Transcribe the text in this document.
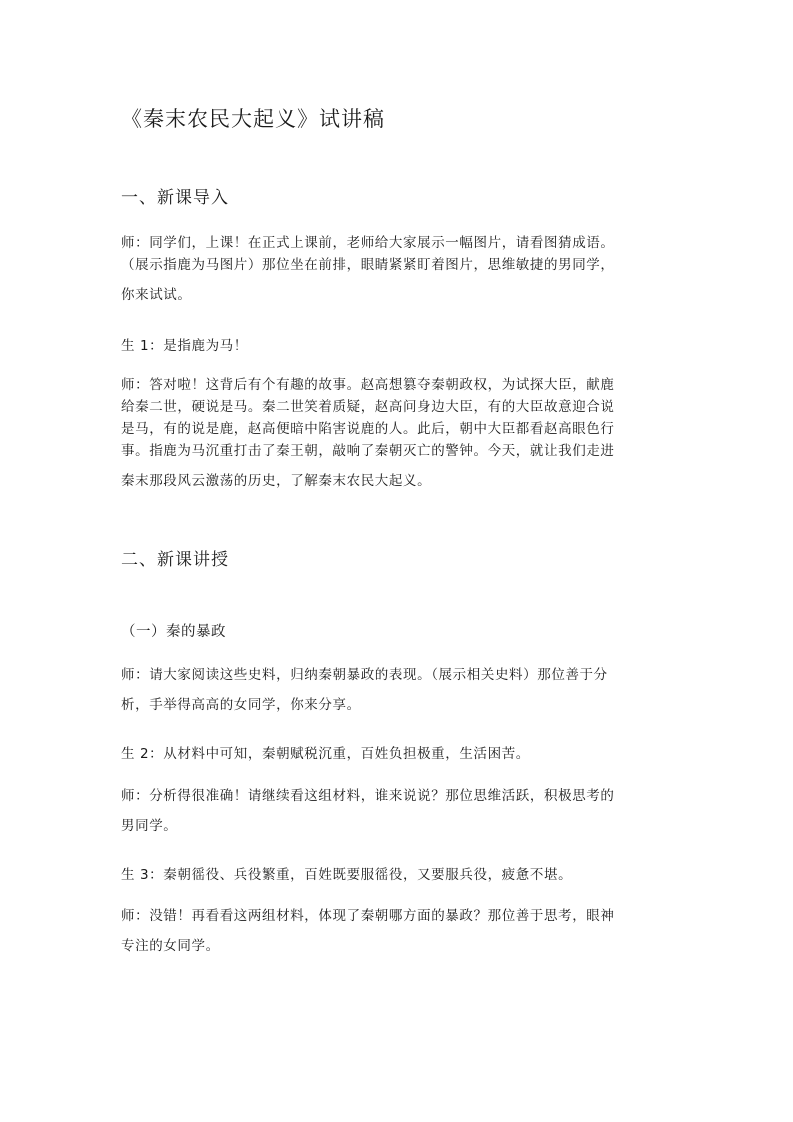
《秦末农民大起义》试讲稿
一、新课导入
师：同学们，上课！在正式上课前，老师给大家展示一幅图片，请看图猜成语。
（展示指鹿为马图片）那位坐在前排，眼睛紧紧盯着图片，思维敏捷的男同学，
你来试试。
生 1：是指鹿为马！
师：答对啦！这背后有个有趣的故事。赵高想篡夺秦朝政权，为试探大臣，献鹿
给秦二世，硬说是马。秦二世笑着质疑，赵高问身边大臣，有的大臣故意迎合说
是马，有的说是鹿，赵高便暗中陷害说鹿的人。此后，朝中大臣都看赵高眼色行
事。指鹿为马沉重打击了秦王朝，敲响了秦朝灭亡的警钟。今天，就让我们走进
秦末那段风云激荡的历史，了解秦末农民大起义。
二、新课讲授
（一）秦的暴政
师：请大家阅读这些史料，归纳秦朝暴政的表现。（展示相关史料）那位善于分
析，手举得高高的女同学，你来分享。
生 2：从材料中可知，秦朝赋税沉重，百姓负担极重，生活困苦。
师：分析得很准确！请继续看这组材料，谁来说说？那位思维活跃，积极思考的
男同学。
生 3：秦朝徭役、兵役繁重，百姓既要服徭役，又要服兵役，疲惫不堪。
师：没错！再看看这两组材料，体现了秦朝哪方面的暴政？那位善于思考，眼神
专注的女同学。
